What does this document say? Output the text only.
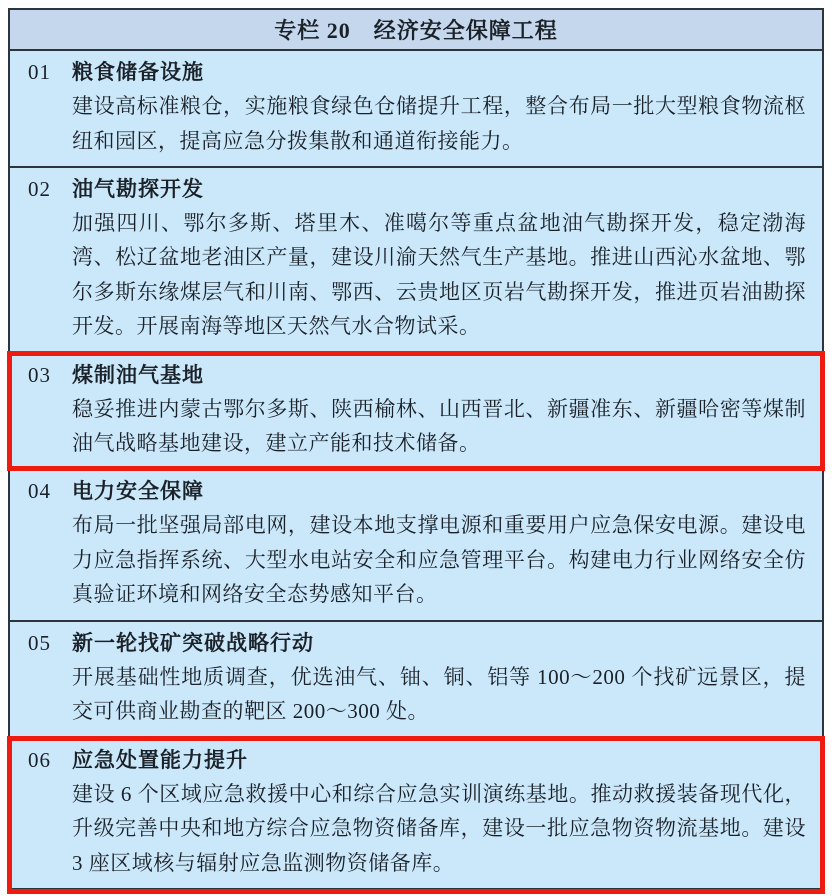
专栏 20　经济安全保障工程
01 粮食储备设施
建设高标准粮仓，实施粮食绿色仓储提升工程，整合布局一批大型粮食物流枢纽和园区，提高应急分拨集散和通道衔接能力。
02 油气勘探开发
加强四川、鄂尔多斯、塔里木、准噶尔等重点盆地油气勘探开发，稳定渤海湾、松辽盆地老油区产量，建设川渝天然气生产基地。推进山西沁水盆地、鄂尔多斯东缘煤层气和川南、鄂西、云贵地区页岩气勘探开发，推进页岩油勘探开发。开展南海等地区天然气水合物试采。
03 煤制油气基地
稳妥推进内蒙古鄂尔多斯、陕西榆林、山西晋北、新疆准东、新疆哈密等煤制油气战略基地建设，建立产能和技术储备。
04 电力安全保障
布局一批坚强局部电网，建设本地支撑电源和重要用户应急保安电源。建设电力应急指挥系统、大型水电站安全和应急管理平台。构建电力行业网络安全仿真验证环境和网络安全态势感知平台。
05 新一轮找矿突破战略行动
开展基础性地质调查，优选油气、铀、铜、铝等 100～200 个找矿远景区，提交可供商业勘查的靶区 200～300 处。
06 应急处置能力提升
建设 6 个区域应急救援中心和综合应急实训演练基地。推动救援装备现代化，升级完善中央和地方综合应急物资储备库，建设一批应急物资物流基地。建设 3 座区域核与辐射应急监测物资储备库。
